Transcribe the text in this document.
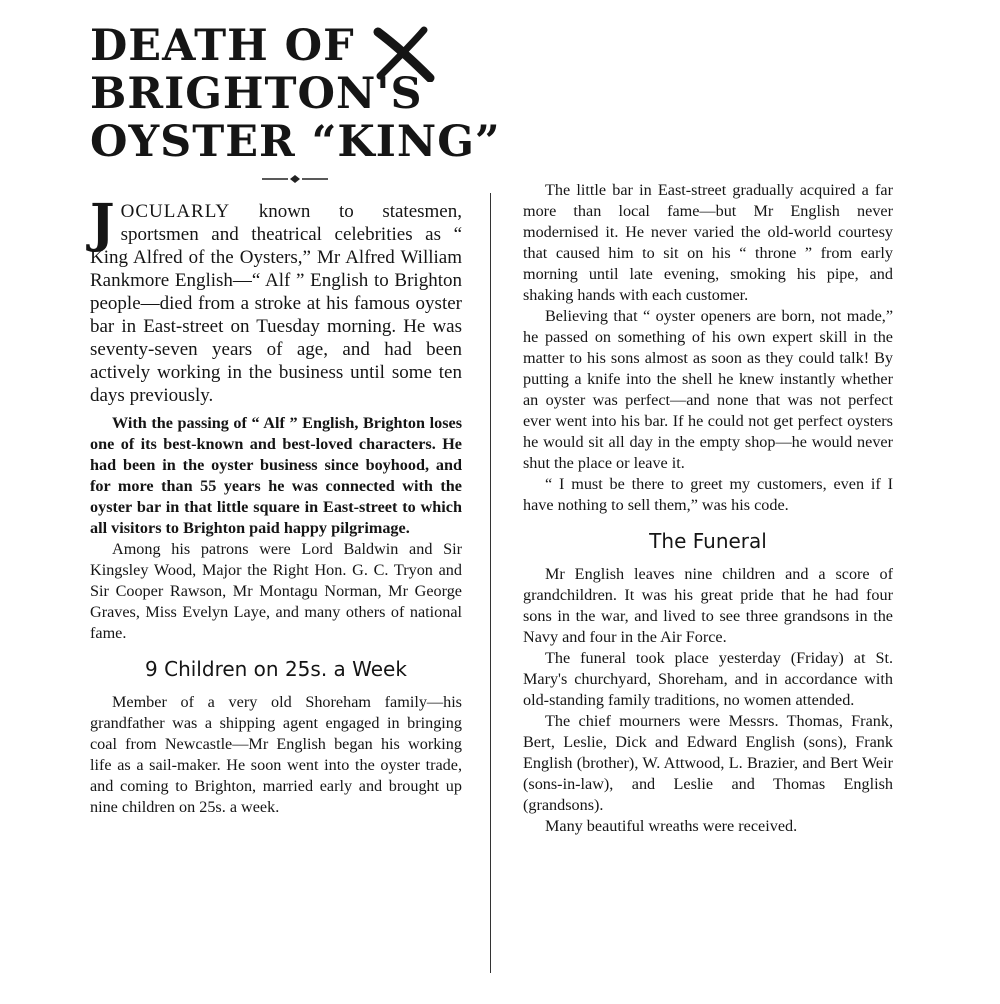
DEATH OF
BRIGHTON'S
OYSTER “KING”

JOCULARLY known to statesmen, sportsmen and theatrical celebrities as “ King Alfred of the Oysters,” Mr Alfred William Rankmore English—“ Alf ” English to Brighton people—died from a stroke at his famous oyster bar in East-street on Tuesday morning. He was seventy-seven years of age, and had been actively working in the business until some ten days previously.

With the passing of “ Alf ” English, Brighton loses one of its best-known and best-loved characters. He had been in the oyster business since boyhood, and for more than 55 years he was connected with the oyster bar in that little square in East-street to which all visitors to Brighton paid happy pilgrimage.

Among his patrons were Lord Baldwin and Sir Kingsley Wood, Major the Right Hon. G. C. Tryon and Sir Cooper Rawson, Mr Montagu Norman, Mr George Graves, Miss Evelyn Laye, and many others of national fame.

9 Children on 25s. a Week

Member of a very old Shoreham family—his grandfather was a shipping agent engaged in bringing coal from Newcastle—Mr English began his working life as a sail-maker. He soon went into the oyster trade, and coming to Brighton, married early and brought up nine children on 25s. a week.

The little bar in East-street gradually acquired a far more than local fame—but Mr English never modernised it. He never varied the old-world courtesy that caused him to sit on his “ throne ” from early morning until late evening, smoking his pipe, and shaking hands with each customer.

Believing that “ oyster openers are born, not made,” he passed on something of his own expert skill in the matter to his sons almost as soon as they could talk! By putting a knife into the shell he knew instantly whether an oyster was perfect—and none that was not perfect ever went into his bar. If he could not get perfect oysters he would sit all day in the empty shop—he would never shut the place or leave it.

“ I must be there to greet my customers, even if I have nothing to sell them,” was his code.

The Funeral

Mr English leaves nine children and a score of grandchildren. It was his great pride that he had four sons in the war, and lived to see three grandsons in the Navy and four in the Air Force.

The funeral took place yesterday (Friday) at St. Mary's churchyard, Shoreham, and in accordance with old-standing family traditions, no women attended.

The chief mourners were Messrs. Thomas, Frank, Bert, Leslie, Dick and Edward English (sons), Frank English (brother), W. Attwood, L. Brazier, and Bert Weir (sons-in-law), and Leslie and Thomas English (grandsons).

Many beautiful wreaths were received.
